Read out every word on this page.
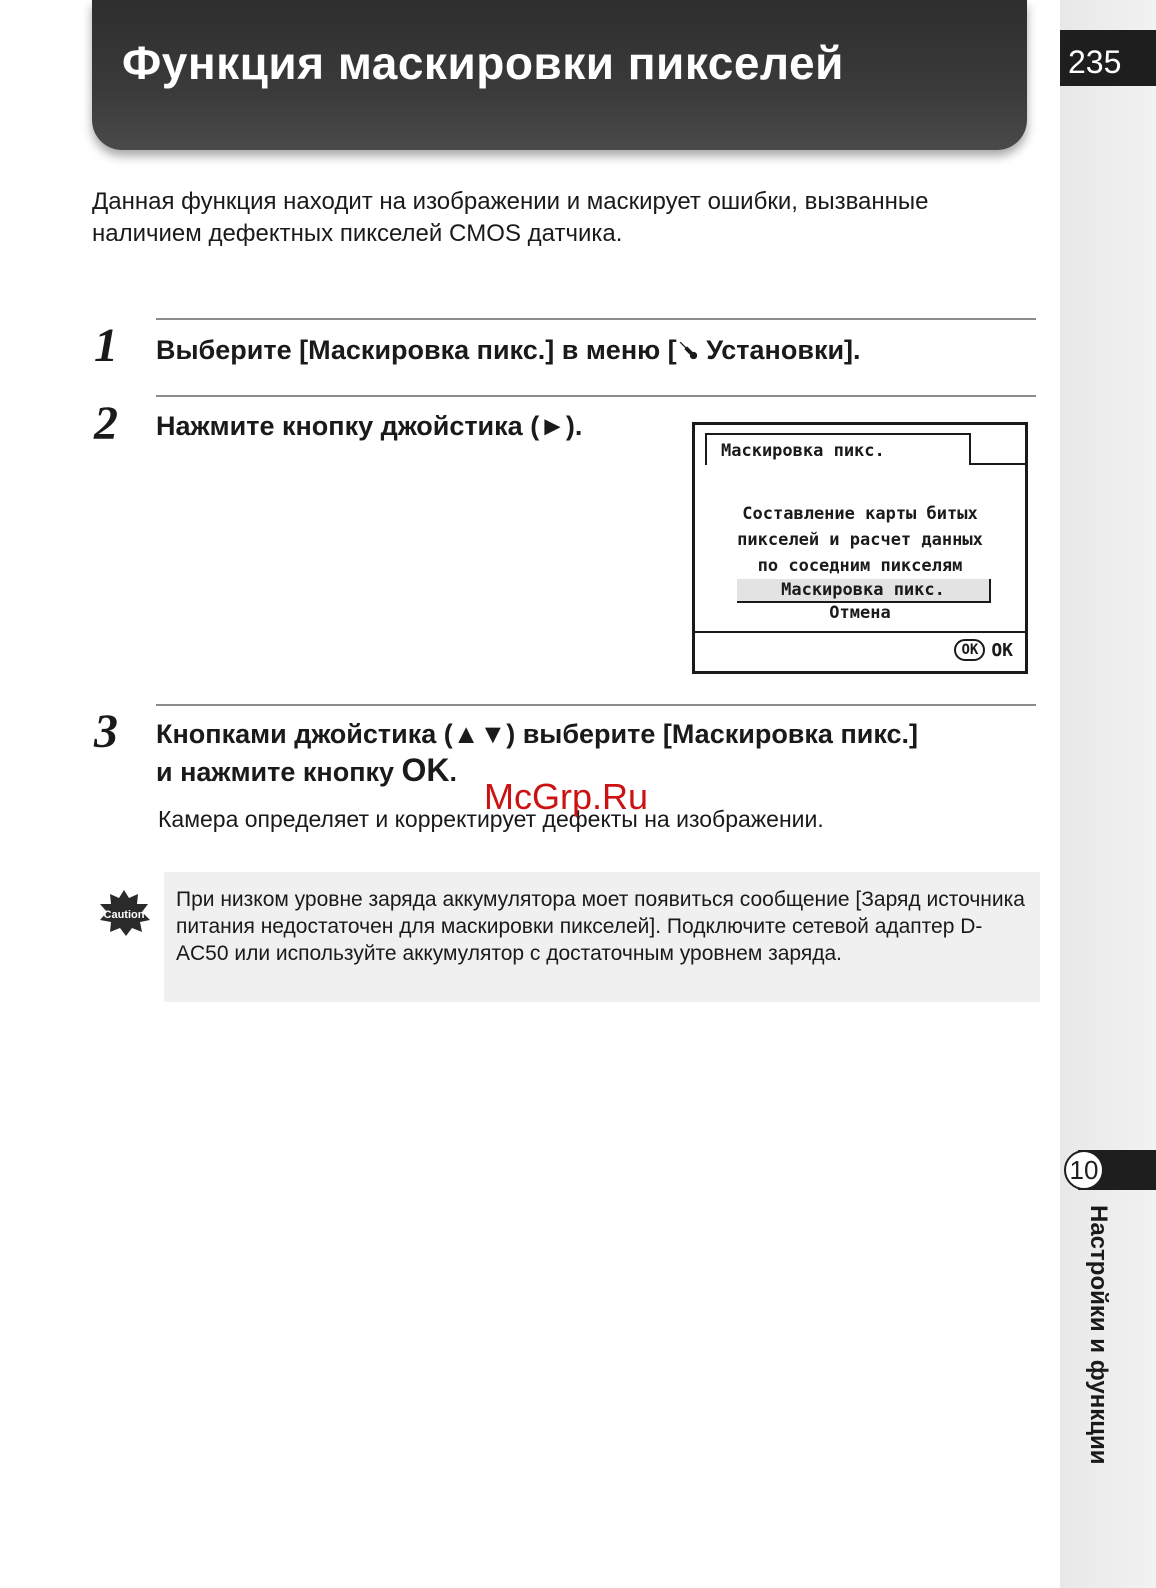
Функция маскировки пикселей	235
Данная функция находит на изображении и маскирует ошибки, вызванные наличием дефектных пикселей CMOS датчика.
1 Выберите [Маскировка пикс.] в меню [ Установки].
2 Нажмите кнопку джойстика (►).
Маскировка пикс.
Составление карты битых
пикселей и расчет данных
по соседним пикселям
Маскировка пикс.
Отмена
OK OK
3 Кнопками джойстика (▲▼) выберите [Маскировка пикс.]
и нажмите кнопку OK.
Камера определяет и корректирует дефекты на изображении.
McGrp.Ru
Caution
При низком уровне заряда аккумулятора моет появиться сообщение [Заряд источника питания недостаточен для маскировки пикселей]. Подключите сетевой адаптер D-AC50 или используйте аккумулятор с достаточным уровнем заряда.
10
Настройки и функции
